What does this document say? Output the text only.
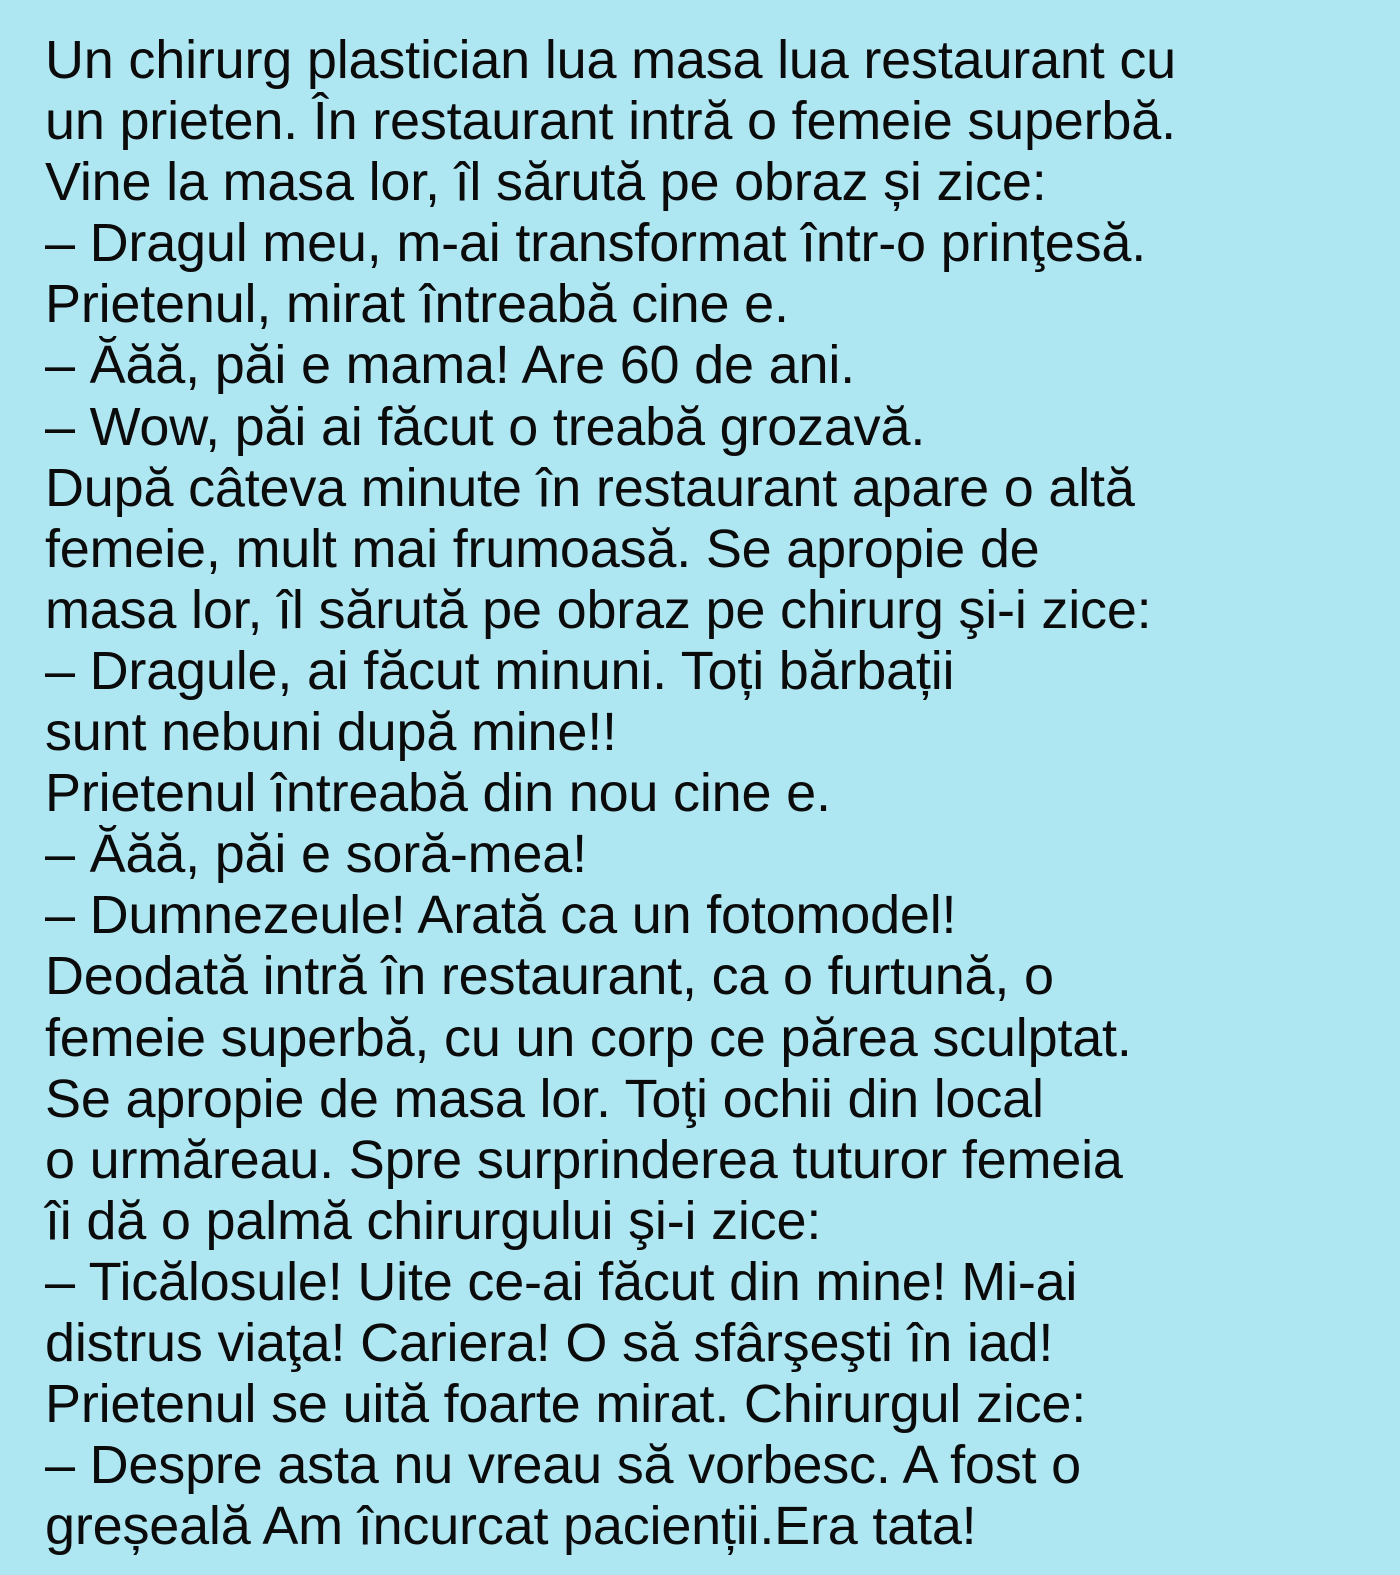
Un chirurg plastician lua masa lua restaurant cu
un prieten. În restaurant intră o femeie superbă.
Vine la masa lor, îl sărută pe obraz și zice:
– Dragul meu, m-ai transformat într-o prinţesă.
Prietenul, mirat întreabă cine e.
– Ăăă, păi e mama! Are 60 de ani.
– Wow, păi ai făcut o treabă grozavă.
După câteva minute în restaurant apare o altă
femeie, mult mai frumoasă. Se apropie de
masa lor, îl sărută pe obraz pe chirurg şi-i zice:
– Dragule, ai făcut minuni. Toți bărbații
sunt nebuni după mine!!
Prietenul întreabă din nou cine e.
– Ăăă, păi e soră-mea!
– Dumnezeule! Arată ca un fotomodel!
Deodată intră în restaurant, ca o furtună, o
femeie superbă, cu un corp ce părea sculptat.
Se apropie de masa lor. Toţi ochii din local
o urmăreau. Spre surprinderea tuturor femeia
îi dă o palmă chirurgului şi-i zice:
– Ticălosule! Uite ce-ai făcut din mine! Mi-ai
distrus viaţa! Cariera! O să sfârşeşti în iad!
Prietenul se uită foarte mirat. Chirurgul zice:
– Despre asta nu vreau să vorbesc. A fost o
greșeală Am încurcat pacienții.Era tata!
